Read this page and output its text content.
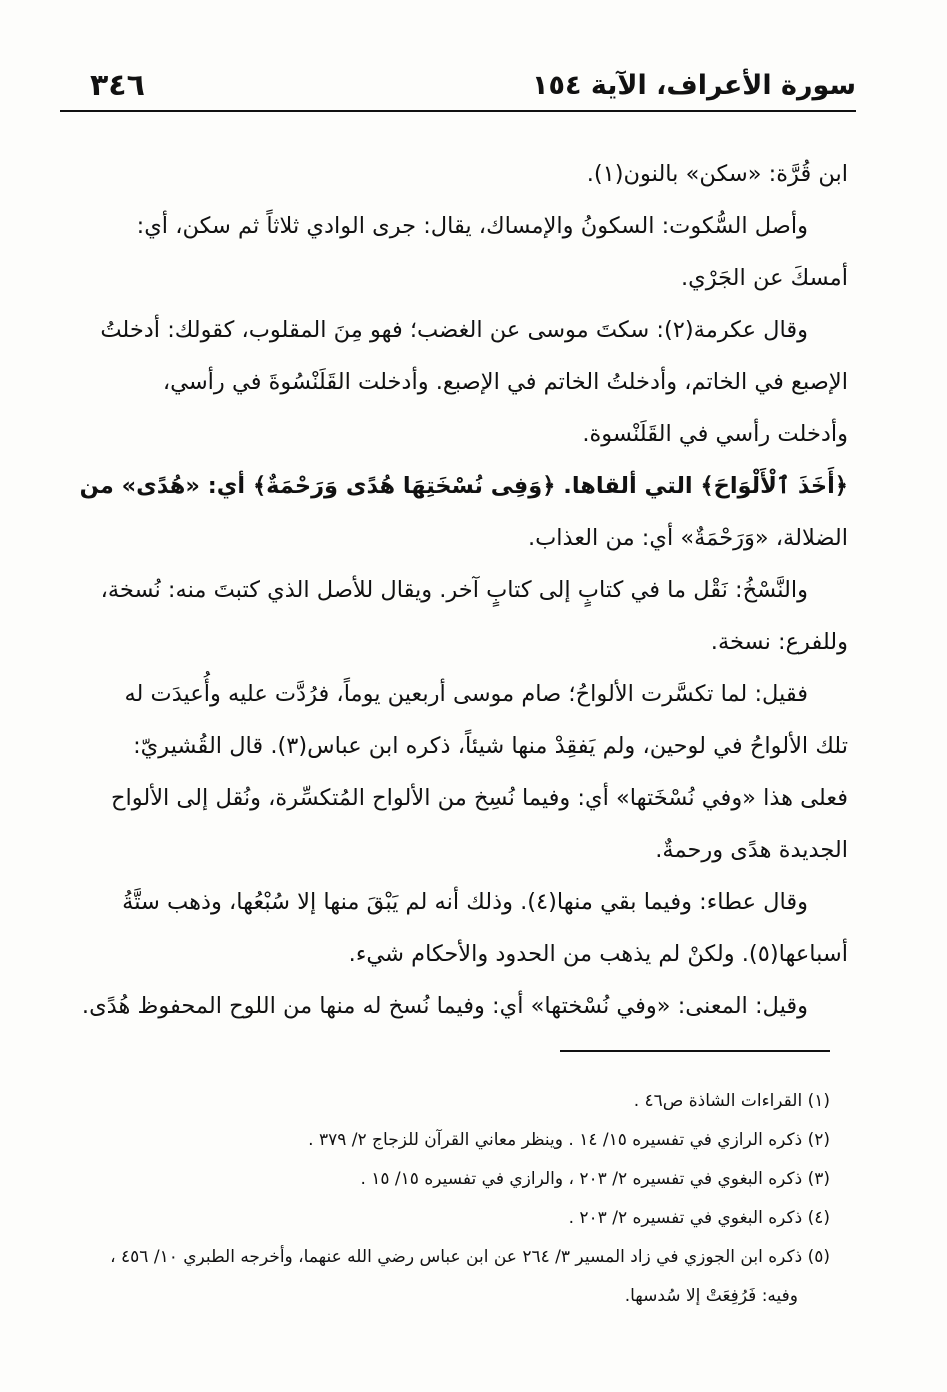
٣٤٦	سورة الأعراف، الآية ١٥٤

ابن قُرَّة: «سكن» بالنون(١).

وأصل السُّكوت: السكونُ والإمساك، يقال: جرى الوادي ثلاثاً ثم سكن، أي:

أمسكَ عن الجَرْي.

وقال عكرمة(٢): سكتَ موسى عن الغضب؛ فهو مِنَ المقلوب، كقولك: أدخلتُ

الإصبع في الخاتم، وأدخلتُ الخاتم في الإصبع. وأدخلت القَلَنْسُوةَ في رأسي،

وأدخلت رأسي في القَلَنْسوة.

﴿أَخَذَ ٱلْأَلْوَاحَ﴾ التي ألقاها. ﴿وَفِى نُسْخَتِهَا هُدًى وَرَحْمَةٌ﴾ أي: «هُدًى» من

الضلالة، «وَرَحْمَةٌ» أي: من العذاب.

والنَّسْخُ: نَقْل ما في كتابٍ إلى كتابٍ آخر. ويقال للأصل الذي كتبتَ منه: نُسخة،

وللفرع: نسخة.

فقيل: لما تكسَّرت الألواحُ؛ صام موسى أربعين يوماً، فرُدَّت عليه وأُعيدَت له

تلك الألواحُ في لوحين، ولم يَفقِدْ منها شيئاً، ذكره ابن عباس(٣). قال القُشيريّ:

فعلى هذا «وفي نُسْخَتها» أي: وفيما نُسِخ من الألواح المُتكسِّرة، ونُقل إلى الألواح

الجديدة هدًى ورحمةٌ.

وقال عطاء: وفيما بقي منها(٤). وذلك أنه لم يَبْقَ منها إلا سُبْعُها، وذهب ستَّةُ

أسباعها(٥). ولكنْ لم يذهب من الحدود والأحكام شيء.

وقيل: المعنى: «وفي نُسْختها» أي: وفيما نُسخ له منها من اللوح المحفوظ هُدًى.

(١) القراءات الشاذة ص٤٦ .
(٢) ذكره الرازي في تفسيره ١٥/ ١٤ . وينظر معاني القرآن للزجاج ٢/ ٣٧٩ .
(٣) ذكره البغوي في تفسيره ٢/ ٢٠٣ ، والرازي في تفسيره ١٥/ ١٥ .
(٤) ذكره البغوي في تفسيره ٢/ ٢٠٣ .
(٥) ذكره ابن الجوزي في زاد المسير ٣/ ٢٦٤ عن ابن عباس رضي الله عنهما، وأخرجه الطبري ١٠/ ٤٥٦ ،
وفيه: فَرُفِعَتْ إلا سُدسها.
